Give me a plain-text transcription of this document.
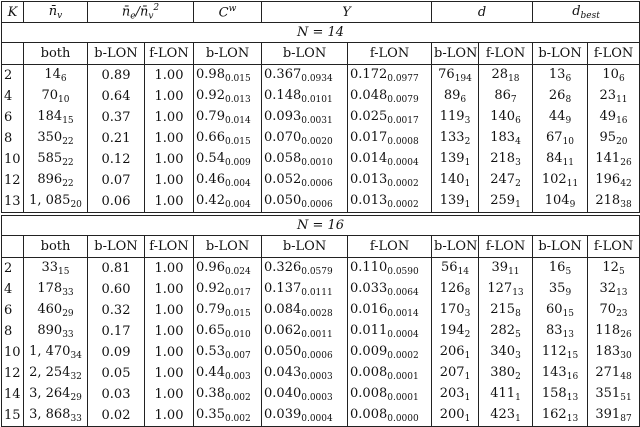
K	$n̄_v$	$n̄_e/n̄_v^2$		$C^w$	Y		d		$d_{best}$
N = 14										
	both	b-LON	f-LON	b-LON	b-LON	f-LON	b-LON	f-LON	b-LON	f-LON
2	$14_6$	0.89	1.00	$0.98_{0.015}$	$0.367_{0.0934}$	$0.172_{0.0977}$	$76_{194}$	$28_{18}$	$13_6$	$10_6$
4	$70_{10}$	0.64	1.00	$0.92_{0.013}$	$0.148_{0.0101}$	$0.048_{0.0079}$	$89_6$	$86_7$	$26_8$	$23_{11}$
6	$184_{15}$	0.37	1.00	$0.79_{0.014}$	$0.093_{0.0031}$	$0.025_{0.0017}$	$119_3$	$140_6$	$44_9$	$49_{16}$
8	$350_{22}$	0.21	1.00	$0.66_{0.015}$	$0.070_{0.0020}$	$0.017_{0.0008}$	$133_2$	$183_4$	$67_{10}$	$95_{20}$
10	$585_{22}$	0.12	1.00	$0.54_{0.009}$	$0.058_{0.0010}$	$0.014_{0.0004}$	$139_1$	$218_3$	$84_{11}$	$141_{26}$
12	$896_{22}$	0.07	1.00	$0.46_{0.004}$	$0.052_{0.0006}$	$0.013_{0.0002}$	$140_1$	$247_2$	$102_{11}$	$196_{42}$
13	1, $085_{20}$	0.06	1.00	$0.42_{0.004}$	$0.050_{0.0006}$	$0.013_{0.0002}$	$139_1$	$259_1$	$104_9$	$218_{38}$
N = 16										
	both	b-LON	f-LON	b-LON	b-LON	f-LON	b-LON	f-LON	b-LON	f-LON
2	$33_{15}$	0.81	1.00	$0.96_{0.024}$	$0.326_{0.0579}$	$0.110_{0.0590}$	$56_{14}$	$39_{11}$	$16_5$	$12_5$
4	$178_{33}$	0.60	1.00	$0.92_{0.017}$	$0.137_{0.0111}$	$0.033_{0.0064}$	$126_8$	$127_{13}$	$35_9$	$32_{13}$
6	$460_{29}$	0.32	1.00	$0.79_{0.015}$	$0.084_{0.0028}$	$0.016_{0.0014}$	$170_3$	$215_8$	$60_{15}$	$70_{23}$
8	$890_{33}$	0.17	1.00	$0.65_{0.010}$	$0.062_{0.0011}$	$0.011_{0.0004}$	$194_2$	$282_5$	$83_{13}$	$118_{26}$
10	1, $470_{34}$	0.09	1.00	$0.53_{0.007}$	$0.050_{0.0006}$	$0.009_{0.0002}$	$206_1$	$340_3$	$112_{15}$	$183_{30}$
12	2, $254_{32}$	0.05	1.00	$0.44_{0.003}$	$0.043_{0.0003}$	$0.008_{0.0001}$	$207_1$	$380_2$	$143_{16}$	$271_{48}$
14	3, $264_{29}$	0.03	1.00	$0.38_{0.002}$	$0.040_{0.0003}$	$0.008_{0.0001}$	$203_1$	$411_1$	$158_{13}$	$351_{51}$
15	3, $868_{33}$	0.02	1.00	$0.35_{0.002}$	$0.039_{0.0004}$	$0.008_{0.0000}$	$200_1$	$423_1$	$162_{13}$	$391_{87}$
